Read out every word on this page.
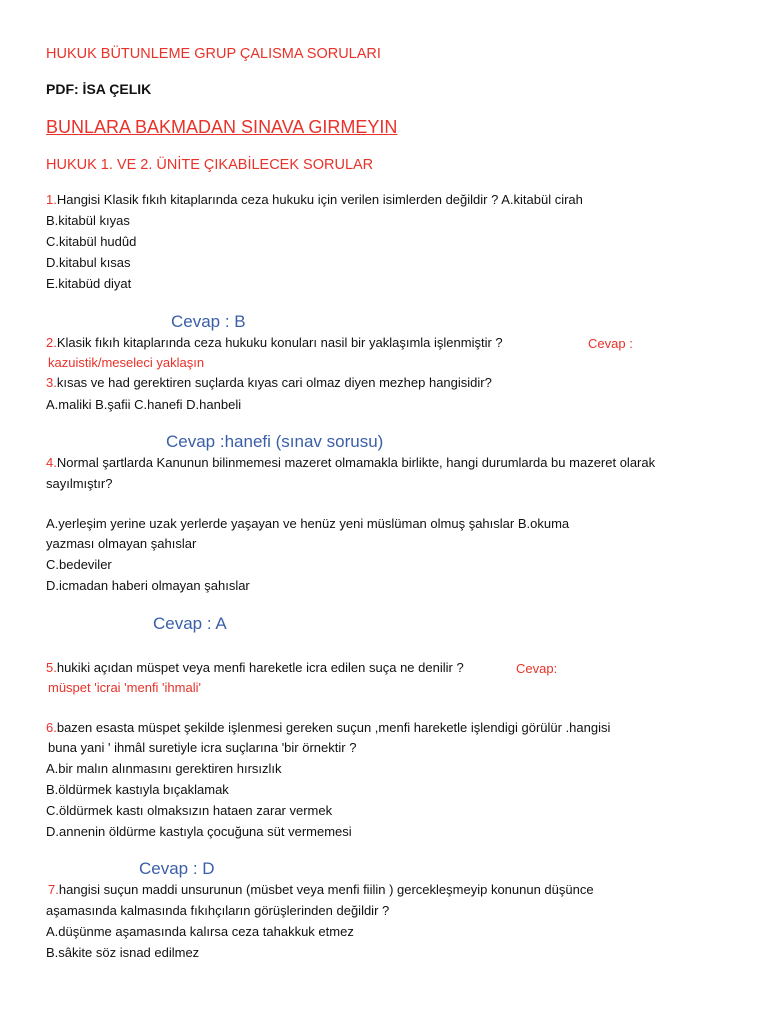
HUKUK BÜTUNLEME GRUP ÇALISMA SORULARI
PDF: İSA ÇELIK
BUNLARA BAKMADAN SINAVA GIRMEYIN
HUKUK 1. VE 2. ÜNİTE ÇIKABİLECEK SORULAR
1.Hangisi Klasik fıkıh kitaplarında ceza hukuku için verilen isimlerden değildir ? A.kitabül cirah
B.kitabül kıyas
C.kitabül hudûd
D.kitabul kısas
E.kitabüd diyat
Cevap : B
2.Klasik fıkıh kitaplarında ceza hukuku konuları nasil bir yaklaşımla işlenmiştir ?	Cevap :
kazuistik/meseleci yaklaşın
3.kısas ve had gerektiren suçlarda kıyas cari olmaz diyen mezhep hangisidir?
A.maliki B.şafii C.hanefi D.hanbeli
Cevap :hanefi (sınav sorusu)
4.Normal şartlarda Kanunun bilinmemesi mazeret olmamakla birlikte, hangi durumlarda bu mazeret olarak
sayılmıştır?
A.yerleşim yerine uzak yerlerde yaşayan ve henüz yeni müslüman olmuş şahıslar B.okuma
yazması olmayan şahıslar
C.bedeviler
D.icmadan haberi olmayan şahıslar
Cevap : A
5.hukiki açıdan müspet veya menfi hareketle icra edilen suça ne denilir ?	Cevap:
müspet 'icrai 'menfi 'ihmali'
6.bazen esasta müspet şekilde işlenmesi gereken suçun ,menfi hareketle işlendigi görülür .hangisi
buna yani ' ihmâl suretiyle icra suçlarına 'bir örnektir ?
A.bir malın alınmasını gerektiren hırsızlık
B.öldürmek kastıyla bıçaklamak
C.öldürmek kastı olmaksızın hataen zarar vermek
D.annenin öldürme kastıyla çocuğuna süt vermemesi
Cevap : D
7.hangisi suçun maddi unsurunun (müsbet veya menfi fiilin ) gercekleşmeyip konunun düşünce
aşamasında kalmasında fıkıhçıların görüşlerinden değildir ?
A.düşünme aşamasında kalırsa ceza tahakkuk etmez
B.sâkite söz isnad edilmez
